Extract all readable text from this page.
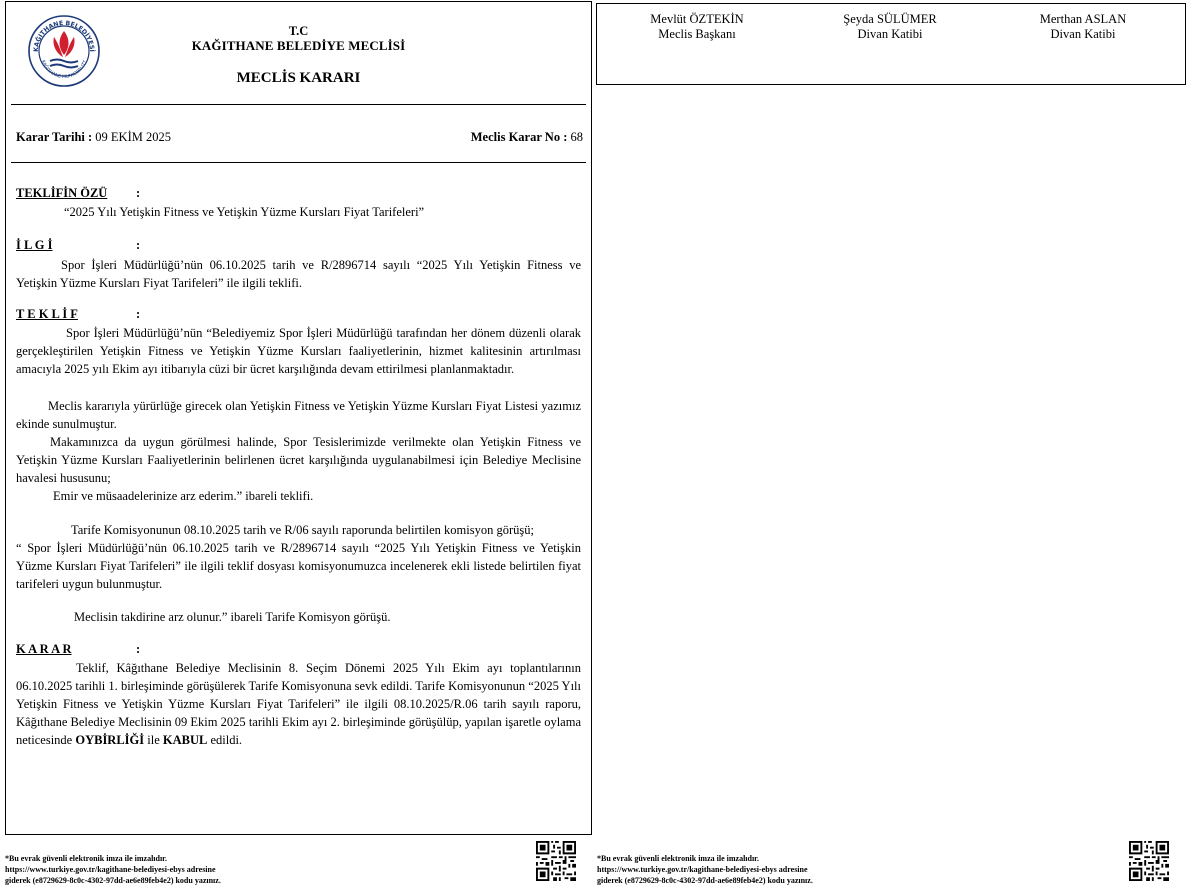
KAĞITHANE BELEDİYESİ
KAĞITHANE MUNICIPALITY
T.C
KAĞITHANE BELEDİYE MECLİSİ
MECLİS KARARI
Karar Tarihi : 09 EKİM 2025	Meclis Karar No : 68
TEKLİFİN ÖZÜ :
“2025 Yılı Yetişkin Fitness ve Yetişkin Yüzme Kursları Fiyat Tarifeleri”
İ L G İ	:
Spor İşleri Müdürlüğü’nün 06.10.2025 tarih ve R/2896714 sayılı “2025 Yılı Yetişkin Fitness ve Yetişkin Yüzme Kursları Fiyat Tarifeleri” ile ilgili teklifi.
T E K L İ F	:
Spor İşleri Müdürlüğü’nün “Belediyemiz Spor İşleri Müdürlüğü tarafından her dönem düzenli olarak gerçekleştirilen Yetişkin Fitness ve Yetişkin Yüzme Kursları faaliyetlerinin, hizmet kalitesinin artırılması amacıyla 2025 yılı Ekim ayı itibarıyla cüzi bir ücret karşılığında devam ettirilmesi planlanmaktadır.
Meclis kararıyla yürürlüğe girecek olan Yetişkin Fitness ve Yetişkin Yüzme Kursları Fiyat Listesi yazımız ekinde sunulmuştur.
Makamınızca da uygun görülmesi halinde, Spor Tesislerimizde verilmekte olan Yetişkin Fitness ve Yetişkin Yüzme Kursları Faaliyetlerinin belirlenen ücret karşılığında uygulanabilmesi için Belediye Meclisine havalesi hususunu;
Emir ve müsaadelerinize arz ederim.” ibareli teklifi.
Tarife Komisyonunun 08.10.2025 tarih ve R/06 sayılı raporunda belirtilen komisyon görüşü;
“ Spor İşleri Müdürlüğü’nün 06.10.2025 tarih ve R/2896714 sayılı “2025 Yılı Yetişkin Fitness ve Yetişkin Yüzme Kursları Fiyat Tarifeleri” ile ilgili teklif dosyası komisyonumuzca incelenerek ekli listede belirtilen fiyat tarifeleri uygun bulunmuştur.
Meclisin takdirine arz olunur.” ibareli Tarife Komisyon görüşü.
K A R A R	:
Teklif, Kâğıthane Belediye Meclisinin 8. Seçim Dönemi 2025 Yılı Ekim ayı toplantılarının 06.10.2025 tarihli 1. birleşiminde görüşülerek Tarife Komisyonuna sevk edildi. Tarife Komisyonunun “2025 Yılı Yetişkin Fitness ve Yetişkin Yüzme Kursları Fiyat Tarifeleri” ile ilgili 08.10.2025/R.06 tarih sayılı raporu, Kâğıthane Belediye Meclisinin 09 Ekim 2025 tarihli Ekim ayı 2. birleşiminde görüşülüp, yapılan işaretle oylama neticesinde OYBİRLİĞİ ile KABUL edildi.
*Bu evrak güvenli elektronik imza ile imzalıdır.
https://www.turkiye.gov.tr/kagithane-belediyesi-ebys adresine
giderek (e8729629-8c0c-4302-97dd-ae6e89feb4e2) kodu yazınız.
Mevlüt ÖZTEKİN
Meclis Başkanı
Şeyda SÜLÜMER
Divan Katibi
Merthan ASLAN
Divan Katibi
*Bu evrak güvenli elektronik imza ile imzalıdır.
https://www.turkiye.gov.tr/kagithane-belediyesi-ebys adresine
giderek (e8729629-8c0c-4302-97dd-ae6e89feb4e2) kodu yazınız.
